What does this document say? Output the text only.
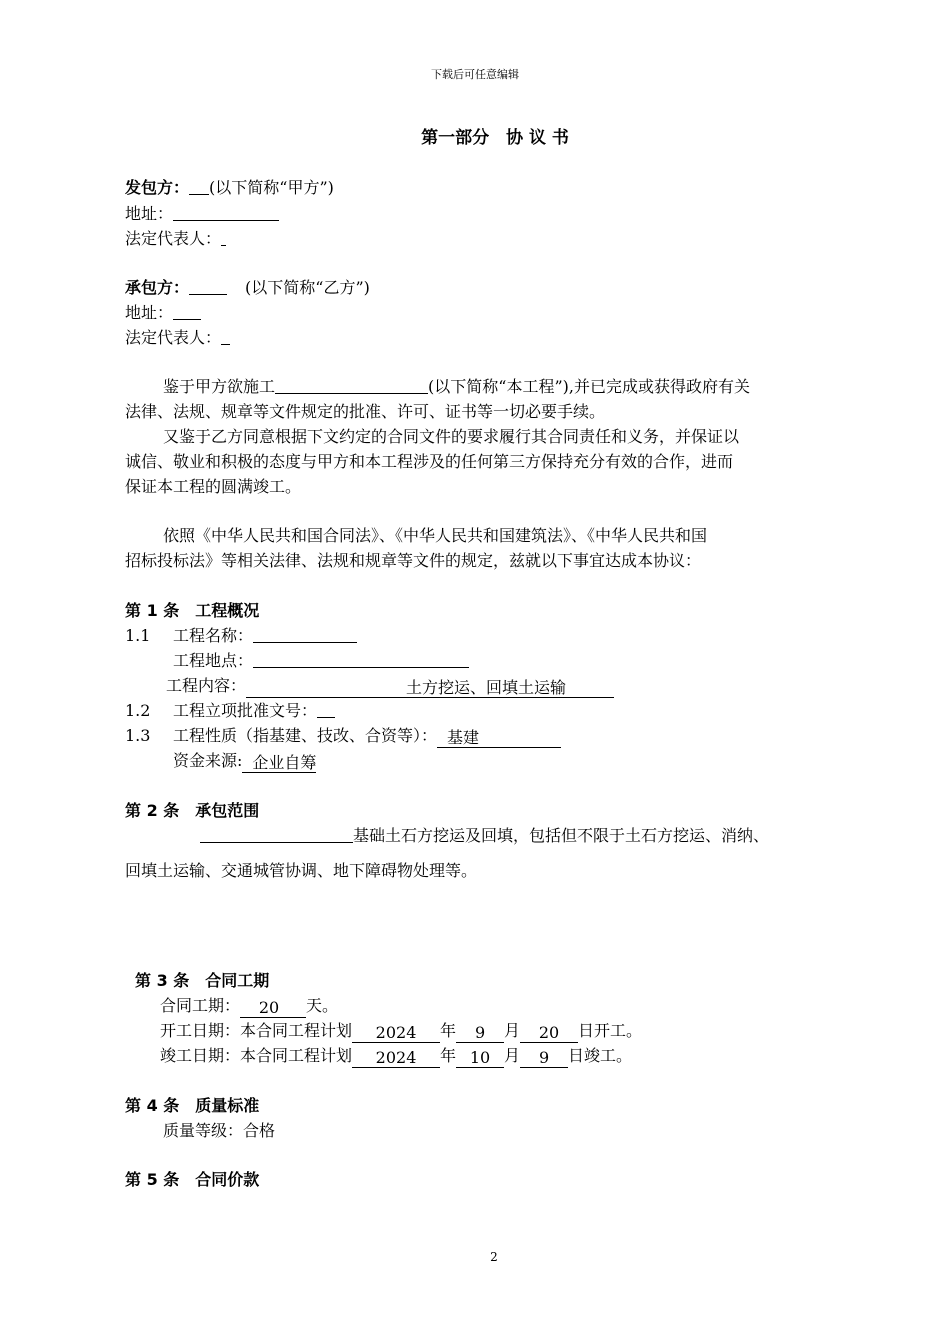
下载后可任意编辑
第一部分　协 议 书
发包方： (以下简称“甲方”)
地址：
法定代表人：
承包方：	(以下简称“乙方”)
地址：
法定代表人：
鉴于甲方欲施工	(以下简称“本工程”),并已完成或获得政府有关
法律、法规、规章等文件规定的批准、许可、证书等一切必要手续。
又鉴于乙方同意根据下文约定的合同文件的要求履行其合同责任和义务，并保证以
诚信、敬业和积极的态度与甲方和本工程涉及的任何第三方保持充分有效的合作，进而
保证本工程的圆满竣工。
依照《中华人民共和国合同法》、《中华人民共和国建筑法》、《中华人民共和国
招标投标法》等相关法律、法规和规章等文件的规定，兹就以下事宜达成本协议：
第 1 条　工程概况
1.1 工程名称：
工程地点：
工程内容：	土方挖运、回填土运输
1.2 工程立项批准文号：
1.3 工程性质（指基建、技改、合资等）： 基建
资金来源: 企业自筹
第 2 条　承包范围
基础土石方挖运及回填，包括但不限于土石方挖运、消纳、
回填土运输、交通城管协调、地下障碍物处理等。
第 3 条　合同工期
合同工期： 20 天。
开工日期：本合同工程计划 2024 年 9 月 20 日开工。
竣工日期：本合同工程计划 2024 年 10 月 9 日竣工。
第 4 条　质量标准
质量等级：合格
第 5 条　合同价款
2
